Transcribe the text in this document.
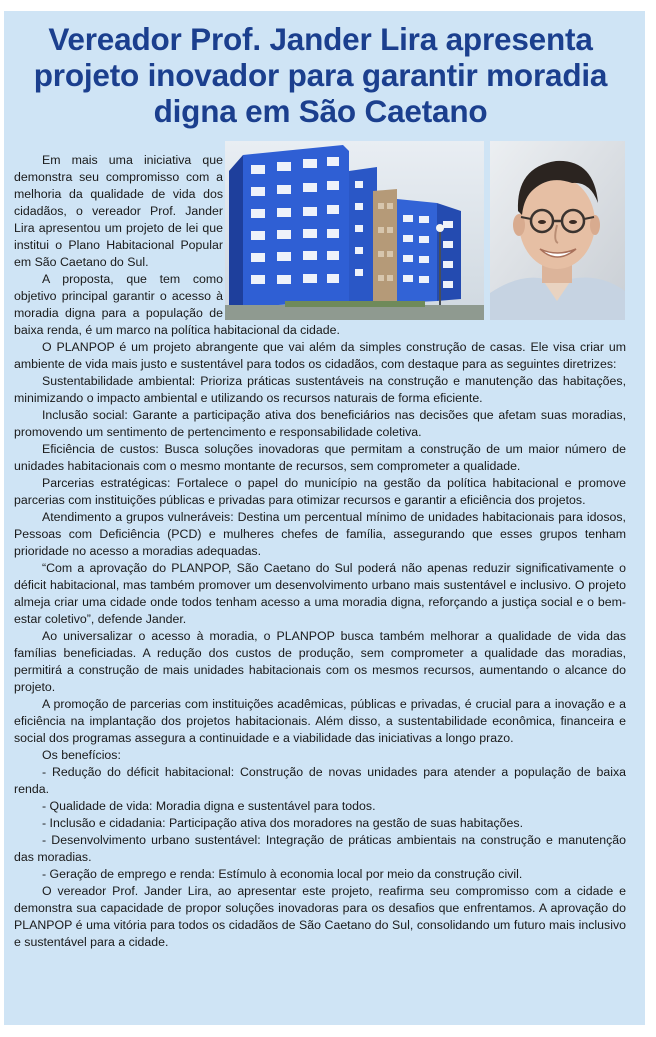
Vereador Prof. Jander Lira apresenta projeto inovador para garantir moradia digna em São Caetano

Em mais uma iniciativa que demonstra seu compromisso com a melhoria da qualidade de vida dos cidadãos, o vereador Prof. Jander Lira apresentou um projeto de lei que institui o Plano Habitacional Popular em São Caetano do Sul.

A proposta, que tem como objetivo principal garantir o acesso à moradia digna para a população de baixa renda, é um marco na política habitacional da cidade.

O PLANPOP é um projeto abrangente que vai além da simples construção de casas. Ele visa criar um ambiente de vida mais justo e sustentável para todos os cidadãos, com destaque para as seguintes diretrizes:

Sustentabilidade ambiental: Prioriza práticas sustentáveis na construção e manutenção das habitações, minimizando o impacto ambiental e utilizando os recursos naturais de forma eficiente.

Inclusão social: Garante a participação ativa dos beneficiários nas decisões que afetam suas moradias, promovendo um sentimento de pertencimento e responsabilidade coletiva.

Eficiência de custos: Busca soluções inovadoras que permitam a construção de um maior número de unidades habitacionais com o mesmo montante de recursos, sem comprometer a qualidade.

Parcerias estratégicas: Fortalece o papel do município na gestão da política habitacional e promove parcerias com instituições públicas e privadas para otimizar recursos e garantir a eficiência dos projetos.

Atendimento a grupos vulneráveis: Destina um percentual mínimo de unidades habitacionais para idosos, Pessoas com Deficiência (PCD) e mulheres chefes de família, assegurando que esses grupos tenham prioridade no acesso a moradias adequadas.

“Com a aprovação do PLANPOP, São Caetano do Sul poderá não apenas reduzir significativamente o déficit habitacional, mas também promover um desenvolvimento urbano mais sustentável e inclusivo. O projeto almeja criar uma cidade onde todos tenham acesso a uma moradia digna, reforçando a justiça social e o bem-estar coletivo”, defende Jander.

Ao universalizar o acesso à moradia, o PLANPOP busca também melhorar a qualidade de vida das famílias beneficiadas. A redução dos custos de produção, sem comprometer a qualidade das moradias, permitirá a construção de mais unidades habitacionais com os mesmos recursos, aumentando o alcance do projeto.

A promoção de parcerias com instituições acadêmicas, públicas e privadas, é crucial para a inovação e a eficiência na implantação dos projetos habitacionais. Além disso, a sustentabilidade econômica, financeira e social dos programas assegura a continuidade e a viabilidade das iniciativas a longo prazo.

Os benefícios:

- Redução do déficit habitacional: Construção de novas unidades para atender a população de baixa renda.

- Qualidade de vida: Moradia digna e sustentável para todos.

- Inclusão e cidadania: Participação ativa dos moradores na gestão de suas habitações.

- Desenvolvimento urbano sustentável: Integração de práticas ambientais na construção e manutenção das moradias.

- Geração de emprego e renda: Estímulo à economia local por meio da construção civil.

O vereador Prof. Jander Lira, ao apresentar este projeto, reafirma seu compromisso com a cidade e demonstra sua capacidade de propor soluções inovadoras para os desafios que enfrentamos. A aprovação do PLANPOP é uma vitória para todos os cidadãos de São Caetano do Sul, consolidando um futuro mais inclusivo e sustentável para a cidade.
